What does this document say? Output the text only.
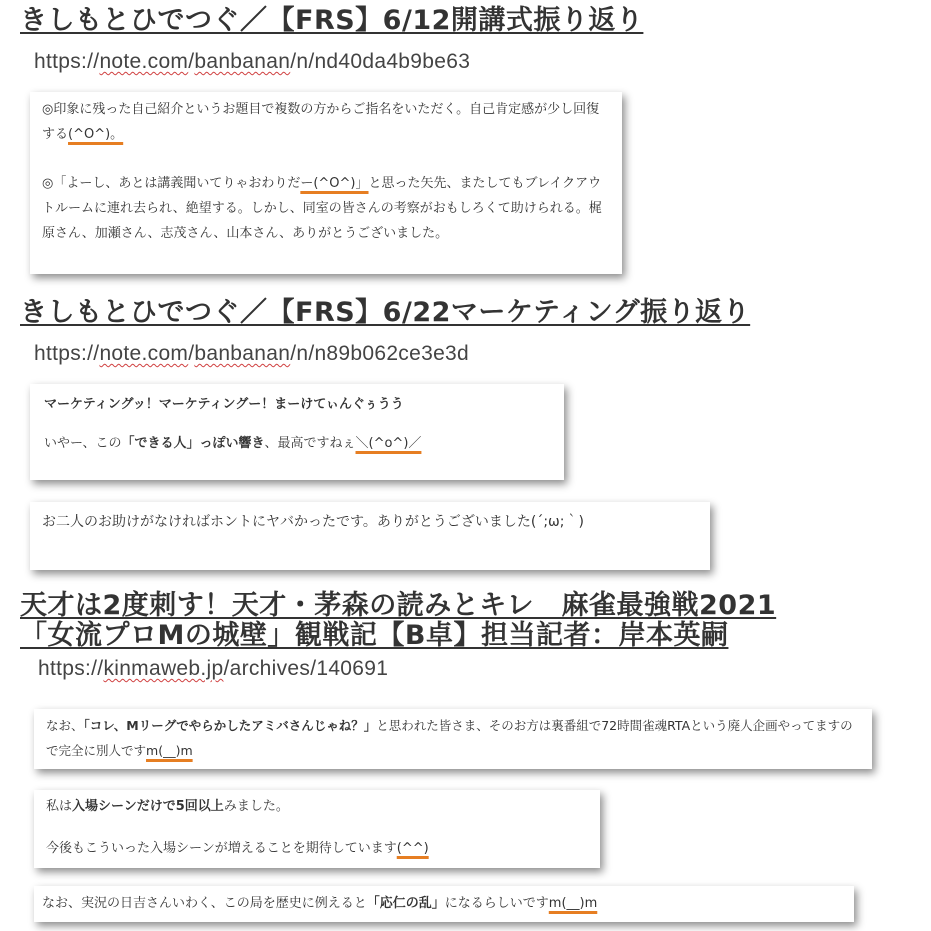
きしもとひでつぐ／【FRS】6/12開講式振り返り
https://note.com/banbanan/n/nd40da4b9be63

◎印象に残った自己紹介というお題目で複数の方からご指名をいただく。自己肯定感が少し回復する(^O^)。

◎「よーし、あとは講義聞いてりゃおわりだー(^O^)」と思った矢先、またしてもブレイクアウトルームに連れ去られ、絶望する。しかし、同室の皆さんの考察がおもしろくて助けられる。梶原さん、加瀬さん、志茂さん、山本さん、ありがとうございました。

きしもとひでつぐ／【FRS】6/22マーケティング振り返り
https://note.com/banbanan/n/n89b062ce3e3d

マーケティングッ！マーケティングー！まーけてぃんぐぅうう

いやー、この「できる人」っぽい響き、最高ですねぇ＼(^o^)／

お二人のお助けがなければホントにヤバかったです。ありがとうございました(´;ω;｀)

天才は2度刺す！天才・茅森の読みとキレ　麻雀最強戦2021
「女流プロMの城壁」観戦記【B卓】担当記者：岸本英嗣
https://kinmaweb.jp/archives/140691

なお、「コレ、Mリーグでやらかしたアミバさんじゃね？」と思われた皆さま、そのお方は裏番組で72時間雀魂RTAという廃人企画やってますので完全に別人ですm(__)m

私は入場シーンだけで5回以上みました。

今後もこういった入場シーンが増えることを期待しています(^^)

なお、実況の日吉さんいわく、この局を歴史に例えると「応仁の乱」になるらしいですm(__)m
